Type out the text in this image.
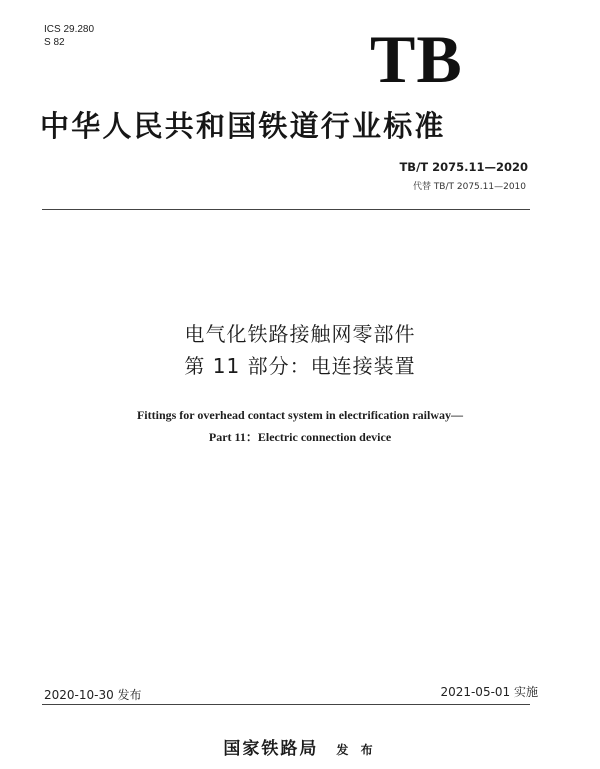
ICS 29.280
S 82	TB
中华人民共和国铁道行业标准
TB/T 2075.11—2020
代替 TB/T 2075.11—2010
电气化铁路接触网零部件
第 11 部分：电连接装置
Fittings for overhead contact system in electrification railway—
Part 11：Electric connection device
2020-10-30 发布	2021-05-01 实施
国家铁路局 发 布
